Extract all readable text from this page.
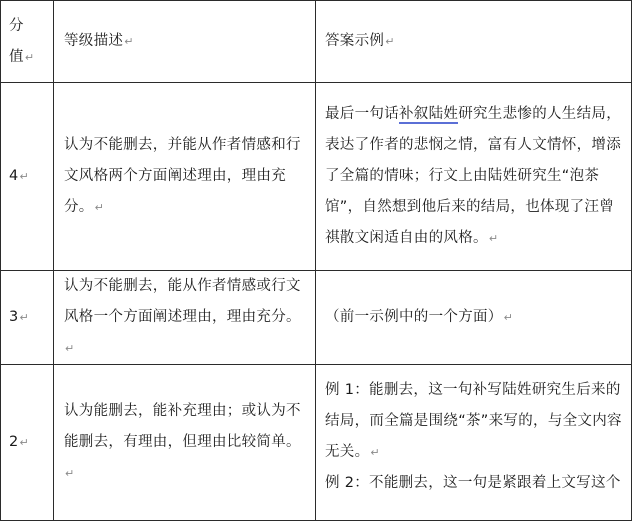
分
值↵	等级描述↵	答案示例↵
4↵	认为不能删去，并能从作者情感和行文风格两个方面阐述理由，理由充分。↵	最后一句话补叙陆姓研究生悲惨的人生结局，表达了作者的悲悯之情，富有人文情怀，增添了全篇的情味；行文上由陆姓研究生“泡茶馆”，自然想到他后来的结局，也体现了汪曾祺散文闲适自由的风格。↵
3↵	认为不能删去，能从作者情感或行文风格一个方面阐述理由，理由充分。↵	（前一示例中的一个方面）↵
2↵	认为能删去，能补充理由；或认为不能删去，有理由，但理由比较简单。↵	例 1：能删去，这一句补写陆姓研究生后来的结局，而全篇是围绕“茶”来写的，与全文内容无关。↵
例 2：不能删去，这一句是紧跟着上文写这个
